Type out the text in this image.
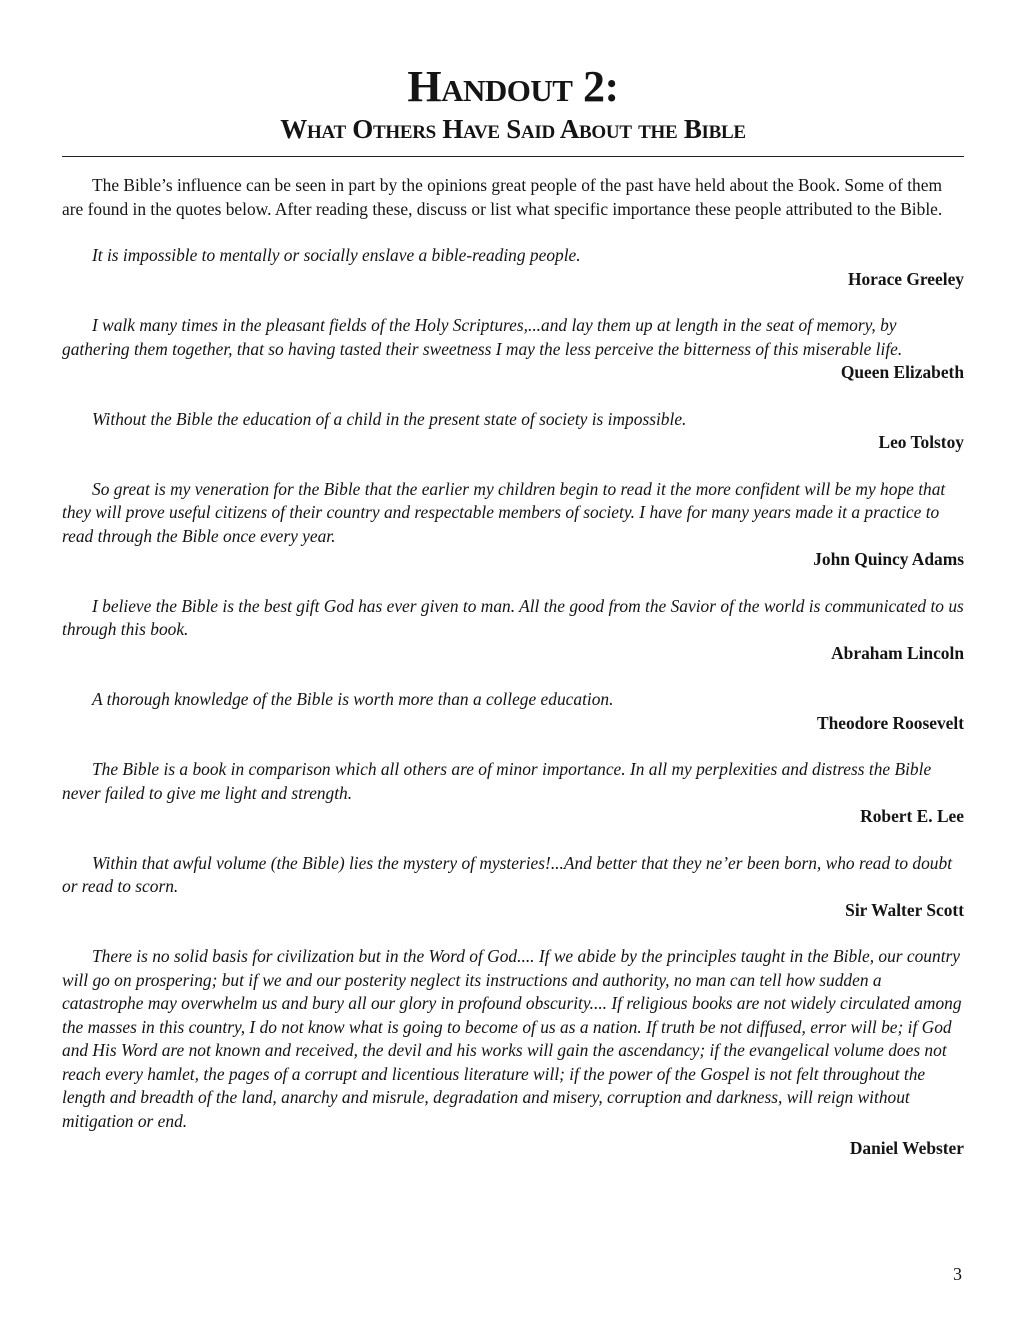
Handout 2:
What Others Have Said About the Bible

The Bible’s influence can be seen in part by the opinions great people of the past have held about the Book. Some of them are found in the quotes below. After reading these, discuss or list what specific importance these people attributed to the Bible.

It is impossible to mentally or socially enslave a bible-reading people.

Horace Greeley

I walk many times in the pleasant fields of the Holy Scriptures,...and lay them up at length in the seat of memory, by gathering them together, that so having tasted their sweetness I may the less perceive the bitterness of this miserable life.

Queen Elizabeth

Without the Bible the education of a child in the present state of society is impossible.

Leo Tolstoy

So great is my veneration for the Bible that the earlier my children begin to read it the more confident will be my hope that they will prove useful citizens of their country and respectable members of society. I have for many years made it a practice to read through the Bible once every year.

John Quincy Adams

I believe the Bible is the best gift God has ever given to man. All the good from the Savior of the world is communicated to us through this book.

Abraham Lincoln

A thorough knowledge of the Bible is worth more than a college education.

Theodore Roosevelt

The Bible is a book in comparison which all others are of minor importance. In all my perplexities and distress the Bible never failed to give me light and strength.

Robert E. Lee

Within that awful volume (the Bible) lies the mystery of mysteries!...And better that they ne’er been born, who read to doubt or read to scorn.

Sir Walter Scott

There is no solid basis for civilization but in the Word of God.... If we abide by the principles taught in the Bible, our country will go on prospering; but if we and our posterity neglect its instructions and authority, no man can tell how sudden a catastrophe may overwhelm us and bury all our glory in profound obscurity.... If religious books are not widely circulated among the masses in this country, I do not know what is going to become of us as a nation. If truth be not diffused, error will be; if God and His Word are not known and received, the devil and his works will gain the ascendancy; if the evangelical volume does not reach every hamlet, the pages of a corrupt and licentious literature will; if the power of the Gospel is not felt throughout the length and breadth of the land, anarchy and misrule, degradation and misery, corruption and darkness, will reign without mitigation or end.

Daniel Webster

3
